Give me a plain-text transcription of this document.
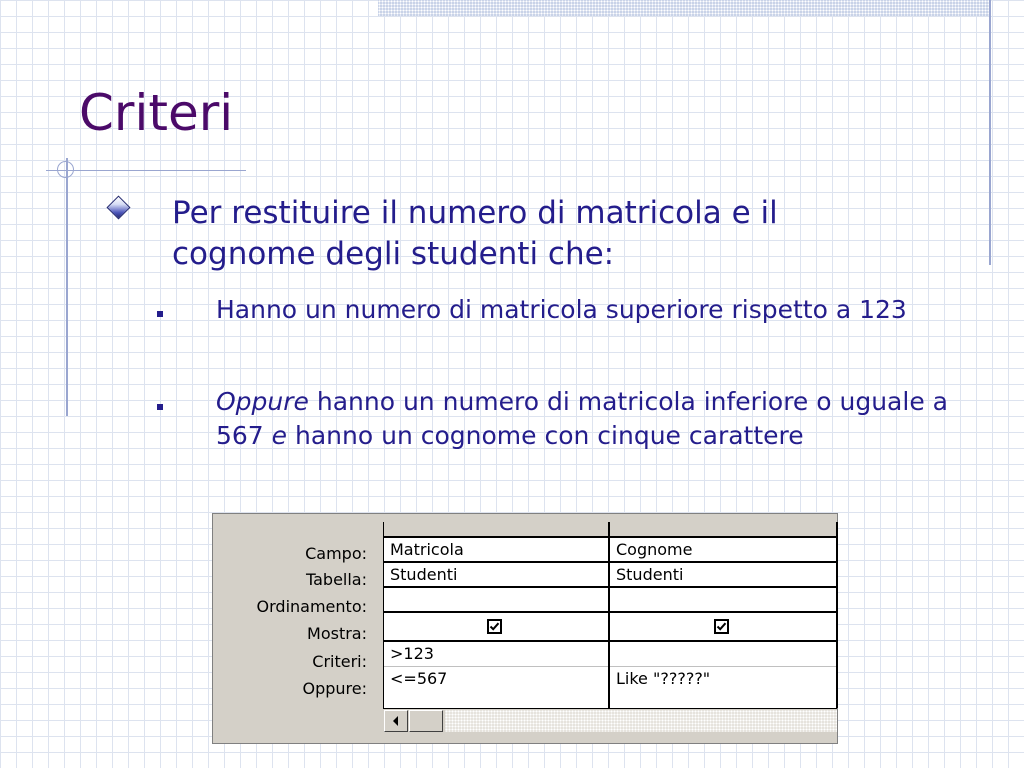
Criteri
Per restituire il numero di matricola e il cognome degli studenti che:
Hanno un numero di matricola superiore rispetto a 123
Oppure hanno un numero di matricola inferiore o uguale a 567 e hanno un cognome con cinque carattere
Campo:
Tabella:
Ordinamento:
Mostra:
Criteri:
Oppure:
Matricola
Studenti
>123
<=567
Cognome
Studenti
Like "?????"
